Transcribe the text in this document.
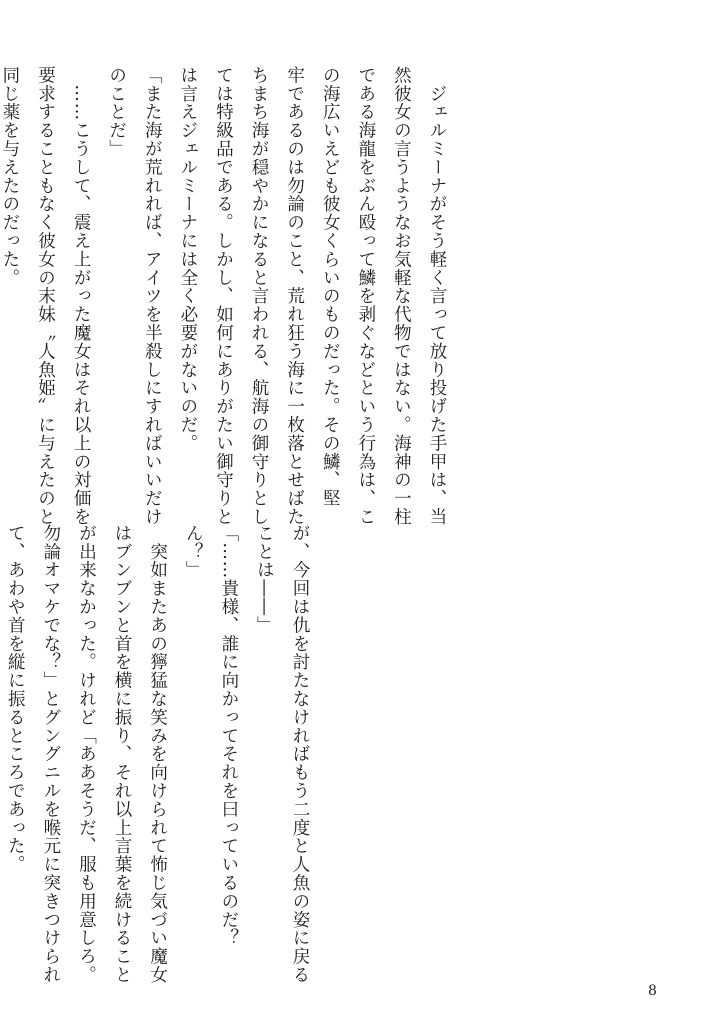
　ジェルミーナがそう軽く言って放り投げた手甲は、当

然彼女の言うようなお気軽な代物ではない。海神の一柱

である海龍をぶん殴って鱗を剥ぐなどという行為は、こ

の海広いえども彼女くらいのものだった。その鱗、堅

牢であるのは勿論のこと、荒れ狂う海に一枚落とせばた

ちまち海が穏やかになると言われる、航海の御守りとし

ては特級品である。しかし、如何にありがたい御守りと

は言えジェルミーナには全く必要がないのだ。

「また海が荒れれば、アイツを半殺しにすればいいだけ

のことだ」

　……こうして、震え上がった魔女はそれ以上の対価を

要求することもなく彼女の末妹〝人魚姫〟に与えたのと

同じ薬を与えたのだった。

が、今回は仇を討たなければもう二度と人魚の姿に戻る

ことは――」

「……貴様、誰に向かってそれを曰っているのだ？

ん？」

　突如またあの獰猛な笑みを向けられて怖じ気づい魔女

はブンブンと首を横に振り、それ以上言葉を続けること

が出来なかった。けれど「ああそうだ、服も用意しろ。

勿論オマケでな？」とグングニルを喉元に突きつけられ

て、あわや首を縦に振るところであった。

8
